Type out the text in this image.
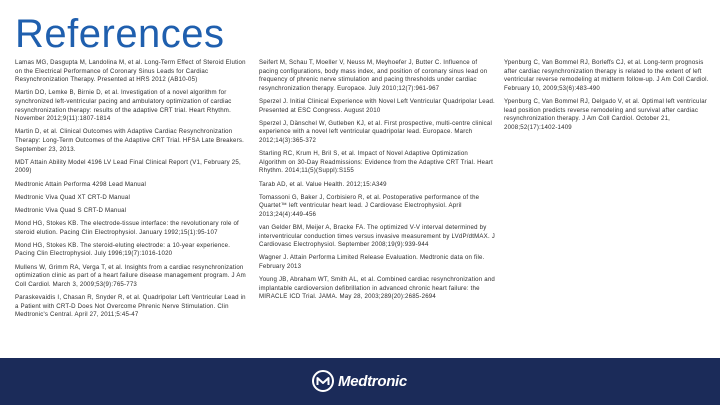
References

Lamas MG, Dasgupta M, Landolina M, et al. Long-Term Effect of Steroid Elution on the Electrical Performance of Coronary Sinus Leads for Cardiac Resynchronization Therapy. Presented at HRS 2012 (AB10-05)

Martin DO, Lemke B, Birnie D, et al. Investigation of a novel algorithm for synchronized left-ventricular pacing and ambulatory optimization of cardiac resynchronization therapy: results of the adaptive CRT trial. Heart Rhythm. November 2012;9(11):1807-1814

Martin D, et al. Clinical Outcomes with Adaptive Cardiac Resynchronization Therapy: Long-Term Outcomes of the Adaptive CRT Trial. HFSA Late Breakers. September 23, 2013.

MDT Attain Ability Model 4196 LV Lead Final Clinical Report (V1, February 25, 2009)

Medtronic Attain Performa 4298 Lead Manual

Medtronic Viva Quad XT CRT-D Manual

Medtronic Viva Quad S CRT-D Manual

Mond HG, Stokes KB. The electrode-tissue interface: the revolutionary role of steroid elution. Pacing Clin Electrophysiol. January 1992;15(1):95-107

Mond HG, Stokes KB. The steroid-eluting electrode: a 10-year experience. Pacing Clin Electrophysiol. July 1996;19(7):1016-1020

Mullens W, Grimm RA, Verga T, et al. Insights from a cardiac resynchronization optimization clinic as part of a heart failure disease management program. J Am Coll Cardiol. March 3, 2009;53(9):765-773

Paraskevaidis I, Chasan R, Snyder R, et al. Quadripolar Left Ventricular Lead in a Patient with CRT-D Does Not Overcome Phrenic Nerve Stimulation. Clin Medtronic's Central. April 27, 2011;5:45-47

Seifert M, Schau T, Moeller V, Neuss M, Meyhoefer J, Butter C. Influence of pacing configurations, body mass index, and position of coronary sinus lead on frequency of phrenic nerve stimulation and pacing thresholds under cardiac resynchronization therapy. Europace. July 2010;12(7):961-967

Sperzel J. Initial Clinical Experience with Novel Left Ventricular Quadripolar Lead. Presented at ESC Congress. August 2010

Sperzel J, Dänschel W, Gutleben KJ, et al. First prospective, multi-centre clinical experience with a novel left ventricular quadripolar lead. Europace. March 2012;14(3):365-372

Starling RC, Krum H, Bril S, et al. Impact of Novel Adaptive Optimization Algorithm on 30-Day Readmissions: Evidence from the Adaptive CRT Trial. Heart Rhythm. 2014;11(5)(Suppl):S155

Tarab AD, et al. Value Health. 2012;15:A349

Tomassoni G, Baker J, Corbisiero R, et al. Postoperative performance of the Quartet™ left ventricular heart lead. J Cardiovasc Electrophysiol. April 2013;24(4):449-456

van Gelder BM, Meijer A, Bracke FA. The optimized V-V interval determined by interventricular conduction times versus invasive measurement by LVdP/dtMAX. J Cardiovasc Electrophysiol. September 2008;19(9):939-944

Wagner J. Attain Performa Limited Release Evaluation. Medtronic data on file. February 2013

Young JB, Abraham WT, Smith AL, et al. Combined cardiac resynchronization and implantable cardioversion defibrillation in advanced chronic heart failure: the MIRACLE ICD Trial. JAMA. May 28, 2003;289(20):2685-2694

Ypenburg C, Van Bommel RJ, Borleffs CJ, et al. Long-term prognosis after cardiac resynchronization therapy is related to the extent of left ventricular reverse remodeling at midterm follow-up. J Am Coll Cardiol. February 10, 2009;53(6):483-490

Ypenburg C, Van Bommel RJ, Delgado V, et al. Optimal left ventricular lead position predicts reverse remodeling and survival after cardiac resynchronization therapy. J Am Coll Cardiol. October 21, 2008;52(17):1402-1409

Medtronic
